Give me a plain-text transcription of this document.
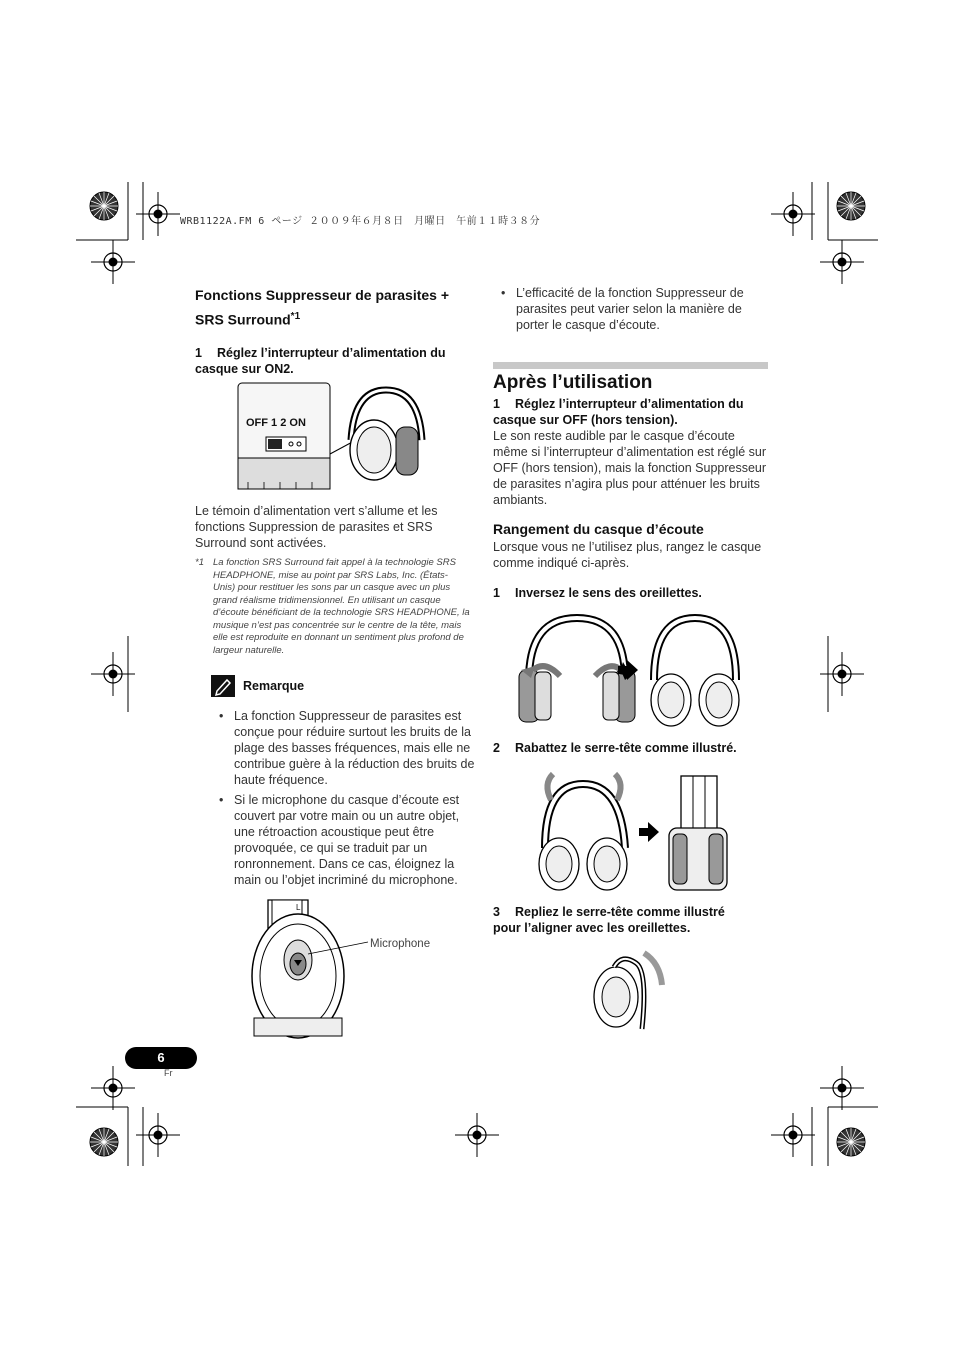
WRB1122A.FM 6 ページ ２００９年６月８日　月曜日　午前１１時３８分
Fonctions Suppresseur de parasites +
SRS Surround$^{*1}$
1 Réglez l’interrupteur d’alimentation du
casque sur ON2.
OFF 1 2 ON
Le témoin d’alimentation vert s’allume et les fonctions Suppression de parasites et SRS Surround sont activées.
*1 La fonction SRS Surround fait appel à la technologie SRS HEADPHONE, mise au point par SRS Labs, Inc. (États-Unis) pour restituer les sons par un casque avec un plus grand réalisme tridimensionnel. En utilisant un casque d’écoute bénéficiant de la technologie SRS HEADPHONE, la musique n’est pas concentrée sur le centre de la tête, mais elle est reproduite en donnant un sentiment plus profond de largeur naturelle.
Remarque
• La fonction Suppresseur de parasites est conçue pour réduire surtout les bruits de la plage des basses fréquences, mais elle ne contribue guère à la réduction des bruits de haute fréquence.
• Si le microphone du casque d’écoute est couvert par votre main ou un autre objet, une rétroaction acoustique peut être provoquée, ce qui se traduit par un ronronnement. Dans ce cas, éloignez la main ou l’objet incriminé du microphone.
L
Microphone
• L’efficacité de la fonction Suppresseur de parasites peut varier selon la manière de porter le casque d’écoute.
Après l’utilisation
1 Réglez l’interrupteur d’alimentation du
casque sur OFF (hors tension).
Le son reste audible par le casque d’écoute même si l’interrupteur d’alimentation est réglé sur OFF (hors tension), mais la fonction Suppresseur de parasites n’agira plus pour atténuer les bruits ambiants.
Rangement du casque d’écoute
Lorsque vous ne l’utilisez plus, rangez le casque comme indiqué ci-après.
1 Inversez le sens des oreillettes.
2 Rabattez le serre-tête comme illustré.
3 Repliez le serre-tête comme illustré
pour l’aligner avec les oreillettes.
6
Fr
